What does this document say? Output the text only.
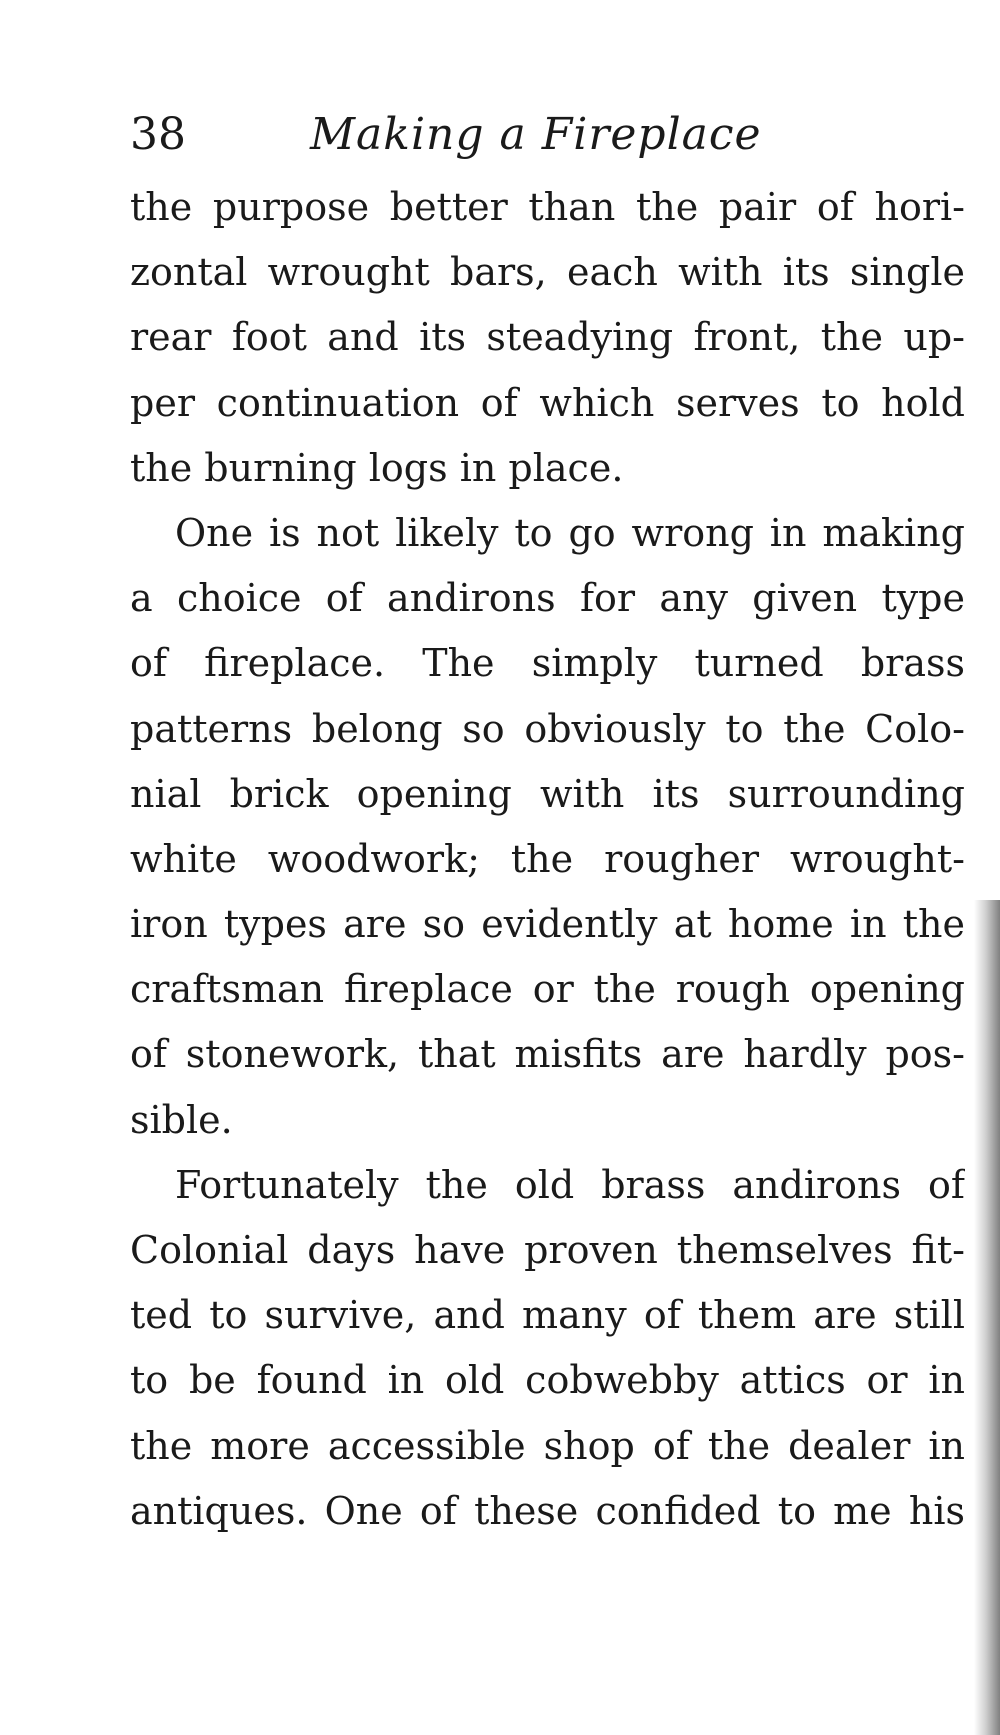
38	Making a Fireplace
the purpose better than the pair of hori-
zontal wrought bars, each with its single
rear foot and its steadying front, the up-
per continuation of which serves to hold
the burning logs in place.
One is not likely to go wrong in making
a choice of andirons for any given type
of fireplace. The simply turned brass
patterns belong so obviously to the Colo-
nial brick opening with its surrounding
white woodwork; the rougher wrought-
iron types are so evidently at home in the
craftsman fireplace or the rough opening
of stonework, that misfits are hardly pos-
sible.
Fortunately the old brass andirons of
Colonial days have proven themselves fit-
ted to survive, and many of them are still
to be found in old cobwebby attics or in
the more accessible shop of the dealer in
antiques. One of these confided to me his
